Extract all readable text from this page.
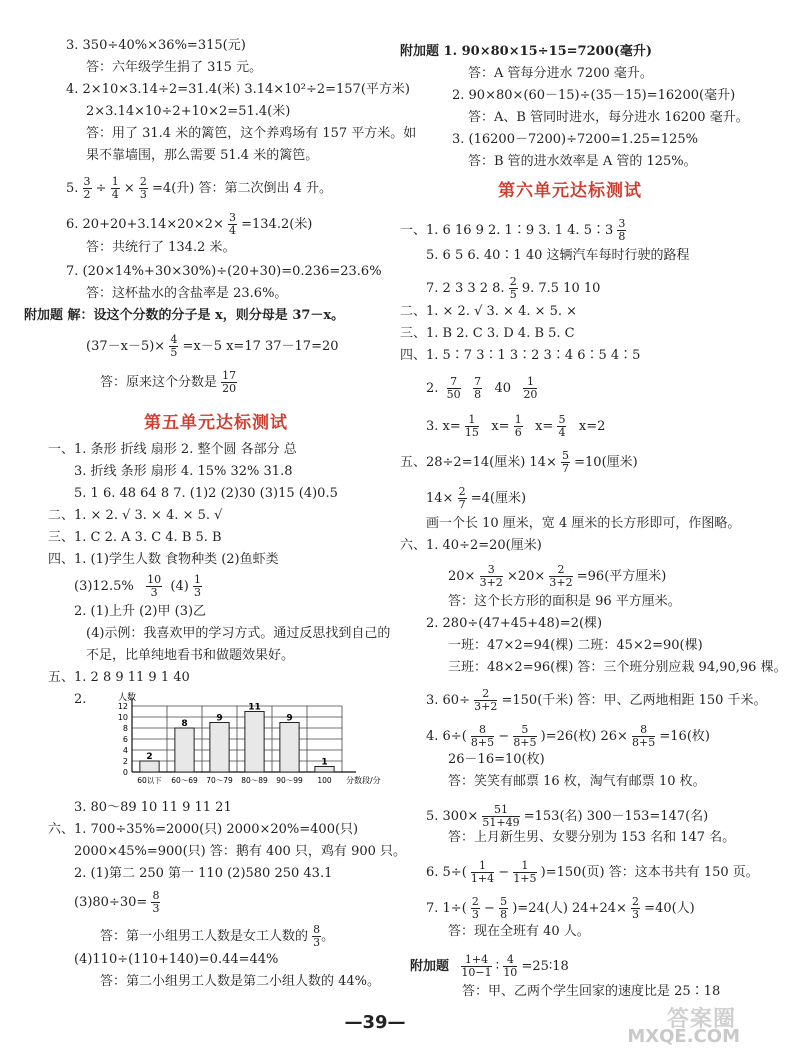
3. 350÷40%×36%=315(元)
答：六年级学生捐了 315 元。
4. 2×10×3.14÷2=31.4(米) 3.14×10²÷2=157(平方米)
2×3.14×10÷2+10×2=51.4(米)
答：用了 31.4 米的篱笆，这个养鸡场有 157 平方米。如
果不靠墙围，那么需要 51.4 米的篱笆。
5. $\frac{3}{2} \div \frac{1}{4} \times \frac{2}{3} =4$(升) 答：第二次倒出 4 升。
6. $20+20+3.14\times 20\times 2\times \frac{3}{4} =134.2$(米)
答：共统行了 134.2 米。
7. (20×14%+30×30%)÷(20+30)=0.236=23.6%
答：这杯盐水的含盐率是 23.6%。
附加题 解：设这个分数的分子是 x，则分母是 37－x。
$(37-x-5)\times \frac{4}{5} =x-5$ x=17 37－17=20
答：原来这个分数是 $\frac{17}{20}$
第五单元达标测试
一、1. 条形 折线 扇形 2. 整个圆 各部分 总
3. 折线 条形 扇形 4. 15% 32% 31.8
5. 1 6. 48 64 8 7. (1)2 (2)30 (3)15 (4)0.5
二、1. × 2. √ 3. × 4. × 5. √
三、1. C 2. A 3. C 4. B 5. B
四、1. (1)学生人数 食物种类 (2)鱼虾类
$(3)12.5\% \frac{10}{3} (4) \frac{1}{3}$
2. (1)上升 (2)甲 (3)乙
(4)示例：我喜欢甲的学习方式。通过反思找到自己的
不足，比单纯地看书和做题效果好。
五、1. 2 8 9 11 9 1 40
2.	12
10
8
6
4
2
0
人数
2
60以下
8
60～69
9
70～79
11
80～89
9
90～99
1
100 分数段/分
3. 80～89 10 11 9 11 21
六、1. 700÷35%=2000(只) 2000×20%=400(只)
2000×45%=900(只) 答：鹅有 400 只，鸡有 900 只。
2. (1)第二 250 第一 110 (2)580 250 43.1
$(3)80\div 30= \frac{8}{3}$
答：第一小组男工人数是女工人数的 $\frac{8}{3}$ 。
(4)110÷(110+140)=0.44=44%
答：第二小组男工人数是第二小组人数的 44%。
附加题 1. 90×80×15÷15=7200(毫升)
答：A 管每分进水 7200 毫升。
2. 90×80×(60－15)÷(35－15)=16200(毫升)
答：A、B 管同时进水，每分进水 16200 毫升。
3. (16200－7200)÷7200=1.25=125%
答：B 管的进水效率是 A 管的 125%。
第六单元达标测试
一、1. 6 16 9 2. 1∶9 3. 1 4. 5∶3 $\frac{3}{8}$
5. 6 5 6. 40∶1 40 这辆汽车每时行驶的路程
7. 2 3 3 2 8. $\frac{2}{5} 9$. 7.5 10 10
二、1. × 2. √ 3. × 4. × 5. ×
三、1. B 2. C 3. D 4. B 5. C
四、1. 5∶7 3∶1 3∶2 3∶4 6∶5 4∶5
2. $\frac{7}{50}$
$\frac{7}{8} 40 \frac{1}{20}$
3. $x= \frac{1}{15} x= \frac{1}{6} x= \frac{5}{4} x=2$
五、28÷2=14(厘米) $14\times \frac{5}{7} =10$(厘米)
$14\times \frac{2}{7} =4$(厘米)
画一个长 10 厘米，宽 4 厘米的长方形即可，作图略。
六、1. 40÷2=20(厘米)
$20\times \frac{3}{3+2} \times 20\times \frac{2}{3+2} =96$(平方厘米)
答：这个长方形的面积是 96 平方厘米。
2. 280÷(47+45+48)=2(棵)
一班：47×2=94(棵) 二班：45×2=90(棵)
三班：48×2=96(棵) 答：三个班分别应栽 94,90,96 棵。
3. $60\div \frac{2}{3+2} =150$(千米) 答：甲、乙两地相距 150 千米。
4. $6\div( \frac{8}{8+5} - \frac{5}{8+5} )=26$(枚) $26\times \frac{8}{8+5} =16$(枚)
26－16=10(枚)
答：笑笑有邮票 16 枚，淘气有邮票 10 枚。
5. $300\times \frac{51}{51+49} =153$(名) 300－153=147(名)
答：上月新生男、女婴分别为 153 名和 147 名。
6. $5\div( \frac{1}{1+4} - \frac{1}{1+5} )=150$(页) 答：这本书共有 150 页。
7. $1\div( \frac{2}{3} - \frac{5}{8} )=24$(人) $24+24\times \frac{2}{3} =40$(人)
答：现在全班有 40 人。
附加题 $\frac{1+4}{10-1}$ ∶ $\frac{4}{10}$ =25∶18
答：甲、乙两个学生回家的速度比是 25∶18
—39—	答案圈
MXQE.COM
